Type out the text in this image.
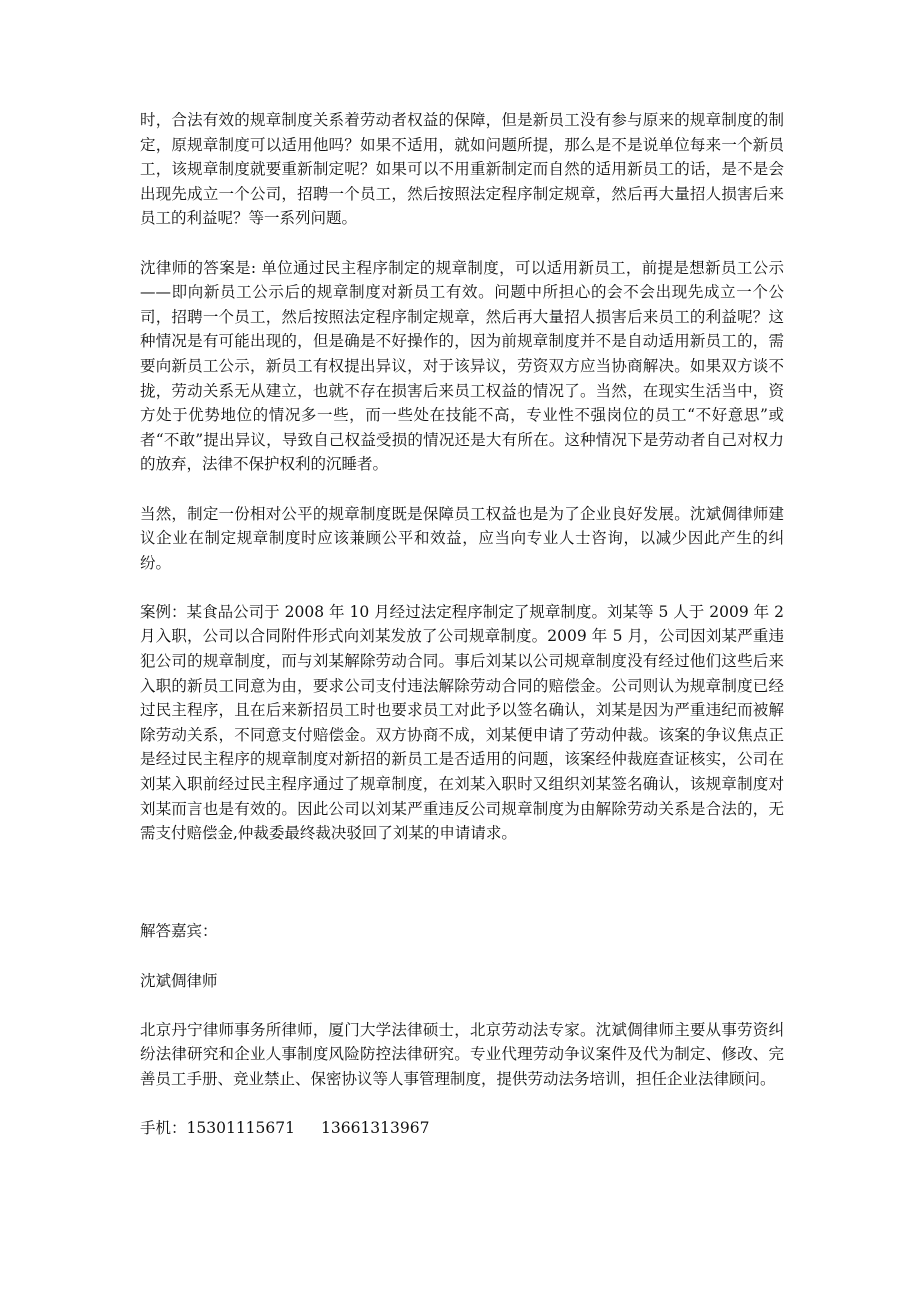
时，合法有效的规章制度关系着劳动者权益的保障，但是新员工没有参与原来的规章制度的制定，原规章制度可以适用他吗？如果不适用，就如问题所提，那么是不是说单位每来一个新员工，该规章制度就要重新制定呢？如果可以不用重新制定而自然的适用新员工的话，是不是会出现先成立一个公司，招聘一个员工，然后按照法定程序制定规章，然后再大量招人损害后来员工的利益呢？等一系列问题。

沈律师的答案是: 单位通过民主程序制定的规章制度，可以适用新员工，前提是想新员工公示——即向新员工公示后的规章制度对新员工有效。问题中所担心的会不会出现先成立一个公司，招聘一个员工，然后按照法定程序制定规章，然后再大量招人损害后来员工的利益呢？这种情况是有可能出现的，但是确是不好操作的，因为前规章制度并不是自动适用新员工的，需要向新员工公示，新员工有权提出异议，对于该异议，劳资双方应当协商解决。如果双方谈不拢，劳动关系无从建立，也就不存在损害后来员工权益的情况了。当然，在现实生活当中，资方处于优势地位的情况多一些，而一些处在技能不高，专业性不强岗位的员工“不好意思”或者“不敢”提出异议，导致自己权益受损的情况还是大有所在。这种情况下是劳动者自己对权力的放弃，法律不保护权利的沉睡者。

当然，制定一份相对公平的规章制度既是保障员工权益也是为了企业良好发展。沈斌倜律师建议企业在制定规章制度时应该兼顾公平和效益，应当向专业人士咨询，以减少因此产生的纠纷。

案例：某食品公司于 2008 年 10 月经过法定程序制定了规章制度。刘某等 5 人于 2009 年 2 月入职，公司以合同附件形式向刘某发放了公司规章制度。2009 年 5 月，公司因刘某严重违犯公司的规章制度，而与刘某解除劳动合同。事后刘某以公司规章制度没有经过他们这些后来入职的新员工同意为由，要求公司支付违法解除劳动合同的赔偿金。公司则认为规章制度已经过民主程序，且在后来新招员工时也要求员工对此予以签名确认，刘某是因为严重违纪而被解除劳动关系，不同意支付赔偿金。双方协商不成，刘某便申请了劳动仲裁。该案的争议焦点正是经过民主程序的规章制度对新招的新员工是否适用的问题，该案经仲裁庭查证核实，公司在刘某入职前经过民主程序通过了规章制度，在刘某入职时又组织刘某签名确认，该规章制度对刘某而言也是有效的。因此公司以刘某严重违反公司规章制度为由解除劳动关系是合法的，无需支付赔偿金,仲裁委最终裁决驳回了刘某的申请请求。

解答嘉宾：

沈斌倜律师

北京丹宁律师事务所律师，厦门大学法律硕士，北京劳动法专家。沈斌倜律师主要从事劳资纠纷法律研究和企业人事制度风险防控法律研究。专业代理劳动争议案件及代为制定、修改、完善员工手册、竞业禁止、保密协议等人事管理制度，提供劳动法务培训，担任企业法律顾问。

手机：15301115671 13661313967
